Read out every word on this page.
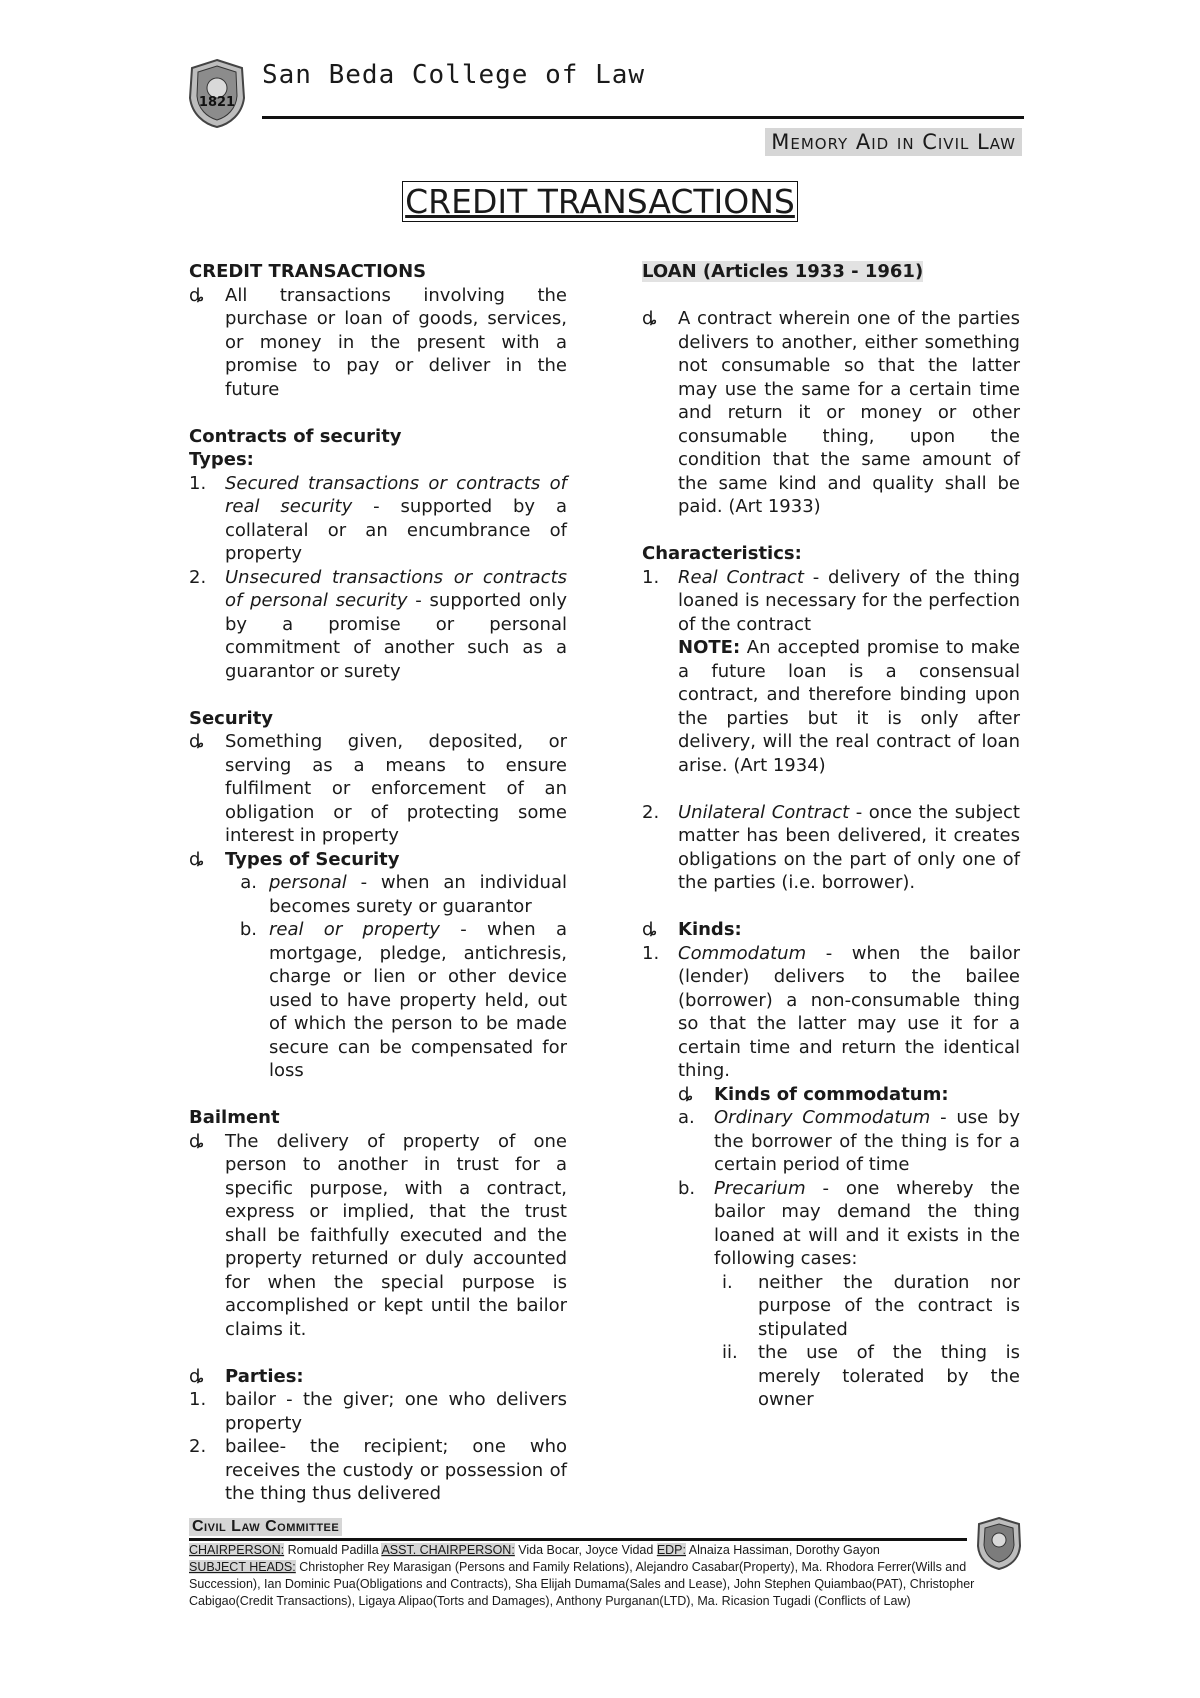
1821
San Beda College of Law
Memory Aid in Civil Law
CREDIT TRANSACTIONS

CREDIT TRANSACTIONS

ȡ	All transactions involving the purchase or loan of goods, services, or money in the present with a promise to pay or deliver in the future

Contracts of security

Types:

1.	Secured transactions or contracts of real security - supported by a collateral or an encumbrance of property
2.	Unsecured transactions or contracts of personal security - supported only by a promise or personal commitment of another such as a guarantor or surety

Security

ȡ	Something given, deposited, or serving as a means to ensure fulfilment or enforcement of an obligation or of protecting some interest in property
ȡ	Types of Security
a. personal - when an individual becomes surety or guarantor
b. real or property - when a mortgage, pledge, antichresis, charge or lien or other device used to have property held, out of which the person to be made secure can be compensated for loss

Bailment

ȡ	The delivery of property of one person to another in trust for a specific purpose, with a contract, express or implied, that the trust shall be faithfully executed and the property returned or duly accounted for when the special purpose is accomplished or kept until the bailor claims it.
ȡ	Parties:
1.	bailor - the giver; one who delivers property
2.	bailee- the recipient; one who receives the custody or possession of the thing thus delivered

LOAN (Articles 1933 - 1961)

ȡ	A contract wherein one of the parties delivers to another, either something not consumable so that the latter may use the same for a certain time and return it or money or other consumable thing, upon the condition that the same amount of the same kind and quality shall be paid. (Art 1933)

Characteristics:

1.	Real Contract - delivery of the thing loaned is necessary for the perfection of the contract
NOTE: An accepted promise to make a future loan is a consensual contract, and therefore binding upon the parties but it is only after delivery, will the real contract of loan arise. (Art 1934)
2.	Unilateral Contract - once the subject matter has been delivered, it creates obligations on the part of only one of the parties (i.e. borrower).
ȡ	Kinds:
1.	Commodatum - when the bailor (lender) delivers to the bailee (borrower) a non-consumable thing so that the latter may use it for a certain time and return the identical thing.
ȡ	Kinds of commodatum:
a.	Ordinary Commodatum - use by the borrower of the thing is for a certain period of time
b.	Precarium - one whereby the bailor may demand the thing loaned at will and it exists in the following cases:
i.	neither the duration nor purpose of the contract is stipulated
ii.	the use of the thing is merely tolerated by the owner
Civil Law Committee
CHAIRPERSON: Romuald Padilla ASST. CHAIRPERSON: Vida Bocar, Joyce Vidad EDP: Alnaiza Hassiman, Dorothy Gayon
SUBJECT HEADS: Christopher Rey Marasigan (Persons and Family Relations), Alejandro Casabar(Property), Ma. Rhodora Ferrer(Wills and Succession), Ian Dominic Pua(Obligations and Contracts), Sha Elijah Dumama(Sales and Lease), John Stephen Quiambao(PAT), Christopher Cabigao(Credit Transactions), Ligaya Alipao(Torts and Damages), Anthony Purganan(LTD), Ma. Ricasion Tugadi (Conflicts of Law)
